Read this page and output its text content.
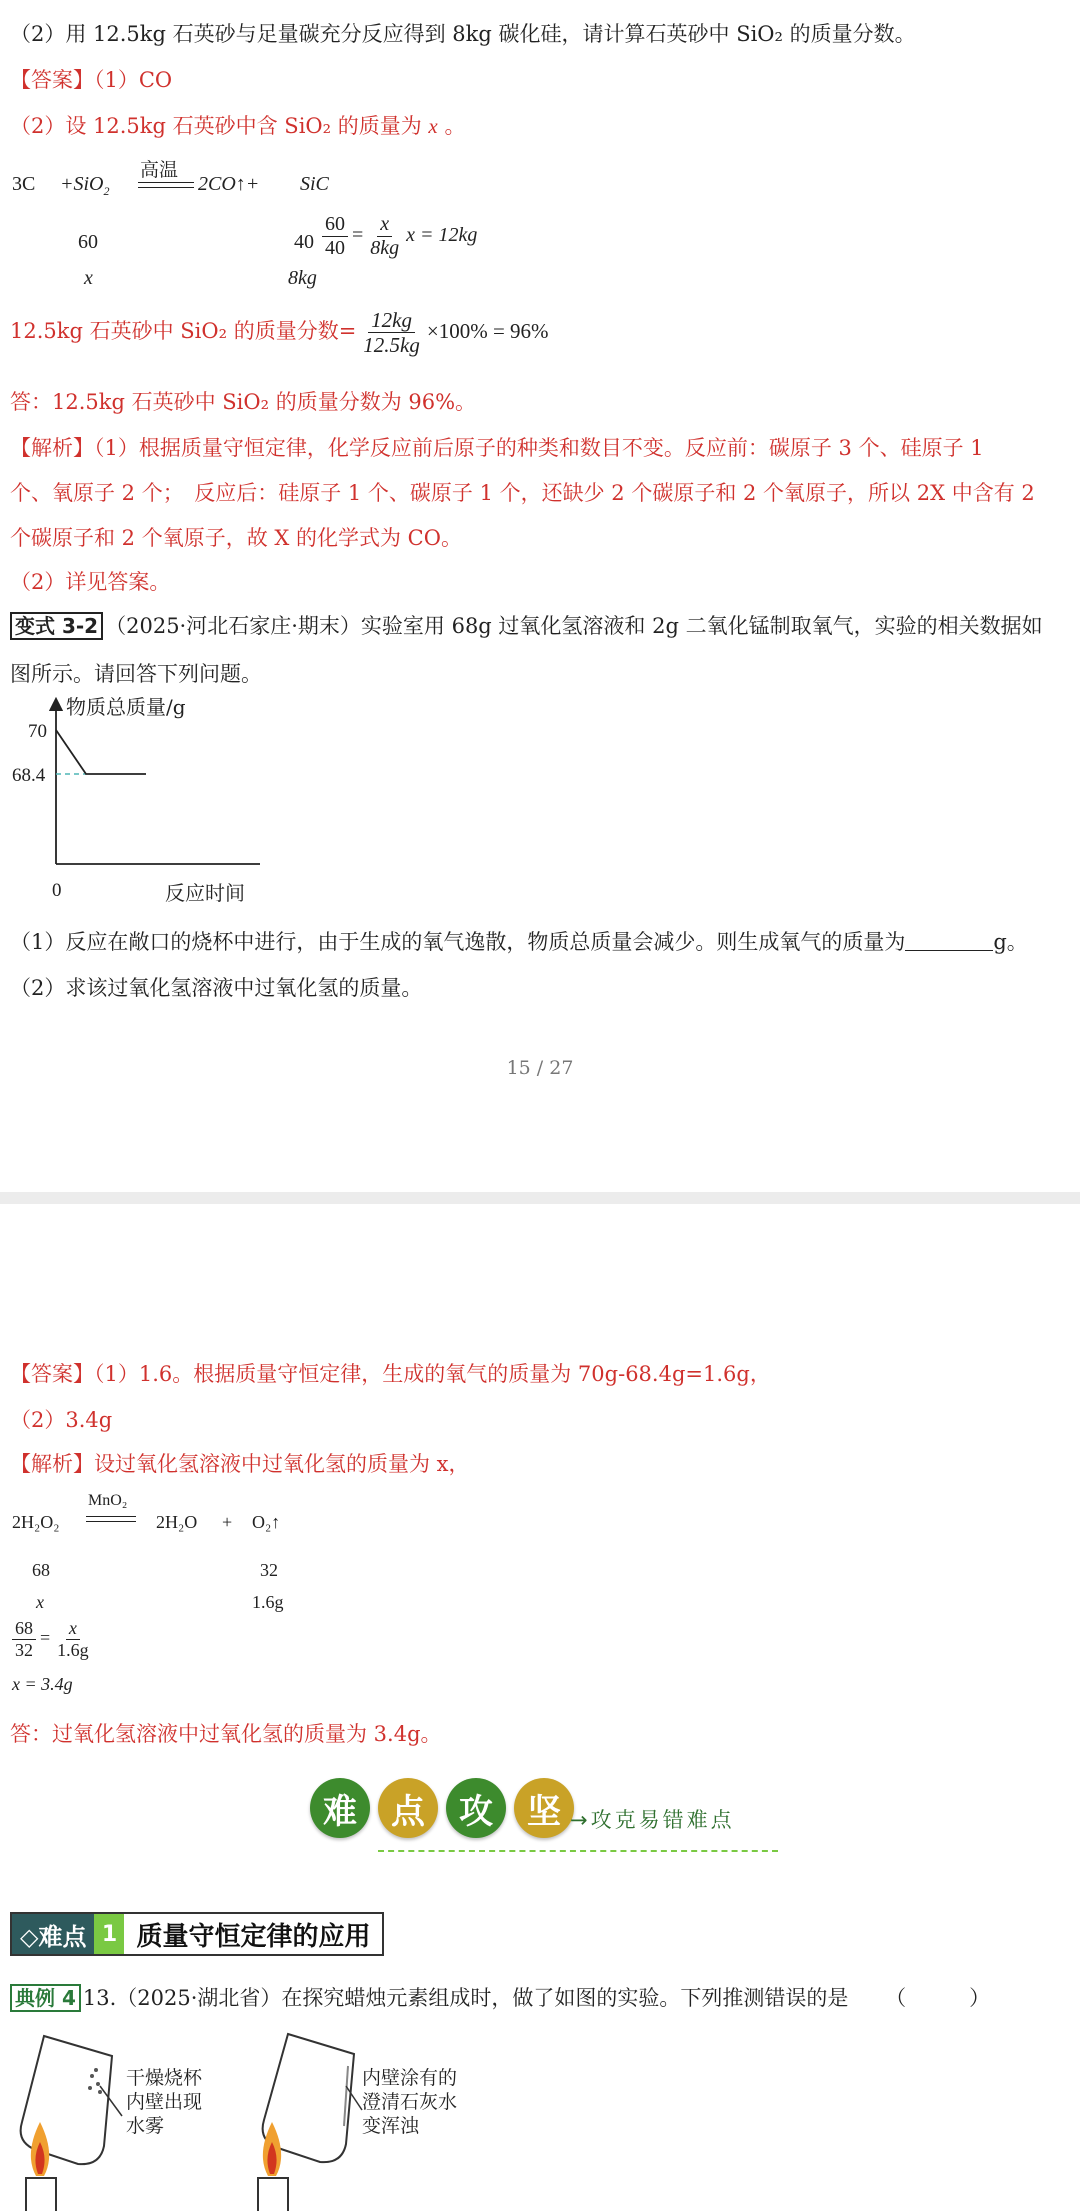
（2）用 12.5kg 石英砂与足量碳充分反应得到 8kg 碳化硅，请计算石英砂中 SiO₂ 的质量分数。
【答案】（1）CO
（2）设 12.5kg 石英砂中含 SiO₂ 的质量为 x 。
3C +SiO$_2$
高温
2CO↑+ SiC
60
x
40
8kg
$\frac{60}{40} = \frac{x}{8kg}$ x = 12kg
12.5kg 石英砂中 SiO₂ 的质量分数= $\frac{12kg}{12.5kg} \times 100\% = 96\%$
答：12.5kg 石英砂中 SiO₂ 的质量分数为 96%。
【解析】（1）根据质量守恒定律，化学反应前后原子的种类和数目不变。反应前：碳原子 3 个、硅原子 1
个、氧原子 2 个；　反应后：硅原子 1 个、碳原子 1 个，还缺少 2 个碳原子和 2 个氧原子，所以 2X 中含有 2
个碳原子和 2 个氧原子，故 X 的化学式为 CO。
（2）详见答案。
变式 3-2 （2025·河北石家庄·期末）实验室用 68g 过氧化氢溶液和 2g 二氧化锰制取氧气，实验的相关数据如
图所示。请回答下列问题。
物质总质量/g
70
68.4
0	反应时间
（1）反应在敞口的烧杯中进行，由于生成的氧气逸散，物质总质量会减少。则生成氧气的质量为	g。
（2）求该过氧化氢溶液中过氧化氢的质量。
15 / 27
【答案】（1）1.6。根据质量守恒定律，生成的氧气的质量为 70g-68.4g=1.6g，
（2）3.4g
【解析】设过氧化氢溶液中过氧化氢的质量为 x，
2H₂O₂
MnO₂
2H₂O + O₂↑
68	32
x	1.6g
$\frac{68}{32} = \frac{x}{1.6g}$
x = 3.4g
答：过氧化氢溶液中过氧化氢的质量为 3.4g。
难	点	攻	坚 →攻克易错难点
◇难点 1 质量守恒定律的应用
典例 4 13.（2025·湖北省）在探究蜡烛元素组成时，做了如图的实验。下列推测错误的是 （　　　）
干燥烧杯
内壁出现
水雾
内壁涂有的
澄清石灰水
变浑浊
